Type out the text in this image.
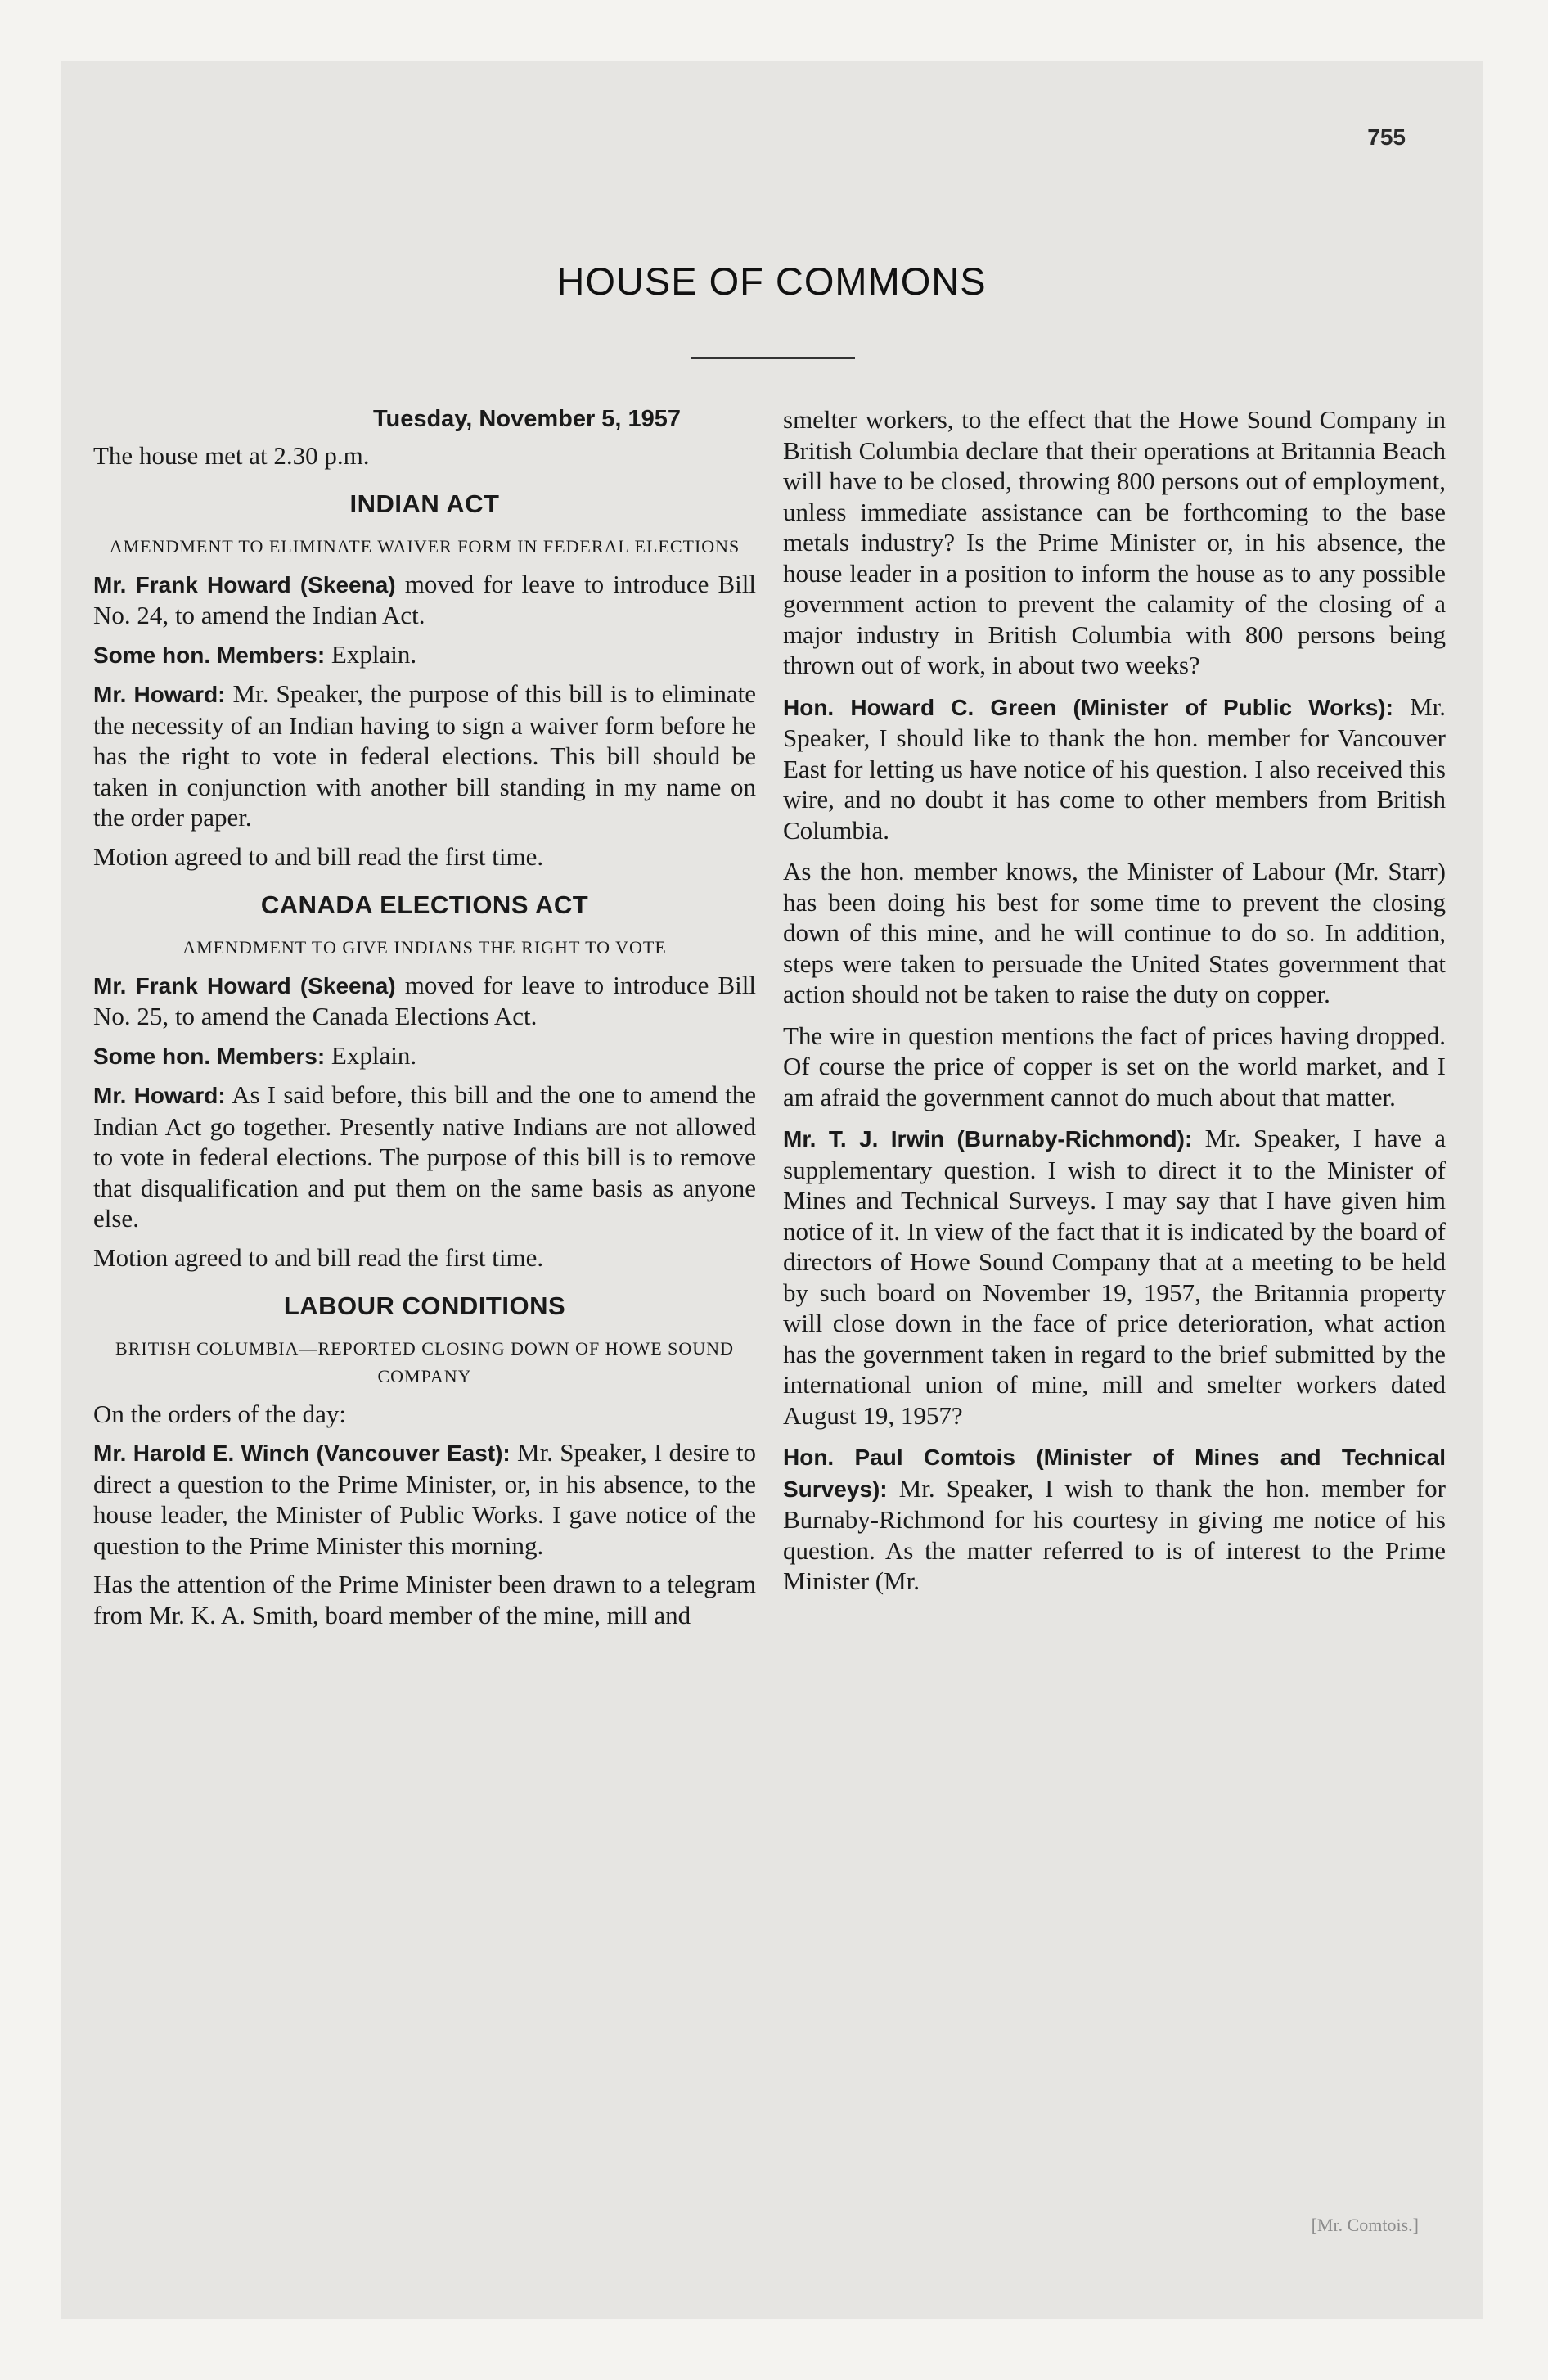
755
HOUSE OF COMMONS
Tuesday, November 5, 1957

The house met at 2.30 p.m.

INDIAN ACT
AMENDMENT TO ELIMINATE WAIVER FORM IN FEDERAL ELECTIONS

Mr. Frank Howard (Skeena) moved for leave to introduce Bill No. 24, to amend the Indian Act.

Some hon. Members: Explain.

Mr. Howard: Mr. Speaker, the purpose of this bill is to eliminate the necessity of an Indian having to sign a waiver form before he has the right to vote in federal elections. This bill should be taken in conjunction with another bill standing in my name on the order paper.

Motion agreed to and bill read the first time.

CANADA ELECTIONS ACT
AMENDMENT TO GIVE INDIANS THE RIGHT TO VOTE

Mr. Frank Howard (Skeena) moved for leave to introduce Bill No. 25, to amend the Canada Elections Act.

Some hon. Members: Explain.

Mr. Howard: As I said before, this bill and the one to amend the Indian Act go together. Presently native Indians are not allowed to vote in federal elections. The purpose of this bill is to remove that disqualification and put them on the same basis as anyone else.

Motion agreed to and bill read the first time.

LABOUR CONDITIONS
BRITISH COLUMBIA—REPORTED CLOSING DOWN OF HOWE SOUND COMPANY

On the orders of the day:

Mr. Harold E. Winch (Vancouver East): Mr. Speaker, I desire to direct a question to the Prime Minister, or, in his absence, to the house leader, the Minister of Public Works. I gave notice of the question to the Prime Minister this morning.

Has the attention of the Prime Minister been drawn to a telegram from Mr. K. A. Smith, board member of the mine, mill and

smelter workers, to the effect that the Howe Sound Company in British Columbia declare that their operations at Britannia Beach will have to be closed, throwing 800 persons out of employment, unless immediate assistance can be forthcoming to the base metals industry? Is the Prime Minister or, in his absence, the house leader in a position to inform the house as to any possible government action to prevent the calamity of the closing of a major industry in British Columbia with 800 persons being thrown out of work, in about two weeks?

Hon. Howard C. Green (Minister of Public Works): Mr. Speaker, I should like to thank the hon. member for Vancouver East for letting us have notice of his question. I also received this wire, and no doubt it has come to other members from British Columbia.

As the hon. member knows, the Minister of Labour (Mr. Starr) has been doing his best for some time to prevent the closing down of this mine, and he will continue to do so. In addition, steps were taken to persuade the United States government that action should not be taken to raise the duty on copper.

The wire in question mentions the fact of prices having dropped. Of course the price of copper is set on the world market, and I am afraid the government cannot do much about that matter.

Mr. T. J. Irwin (Burnaby-Richmond): Mr. Speaker, I have a supplementary question. I wish to direct it to the Minister of Mines and Technical Surveys. I may say that I have given him notice of it. In view of the fact that it is indicated by the board of directors of Howe Sound Company that at a meeting to be held by such board on November 19, 1957, the Britannia property will close down in the face of price deterioration, what action has the government taken in regard to the brief submitted by the international union of mine, mill and smelter workers dated August 19, 1957?

Hon. Paul Comtois (Minister of Mines and Technical Surveys): Mr. Speaker, I wish to thank the hon. member for Burnaby-Richmond for his courtesy in giving me notice of his question. As the matter referred to is of interest to the Prime Minister (Mr.

[Mr. Comtois.]
